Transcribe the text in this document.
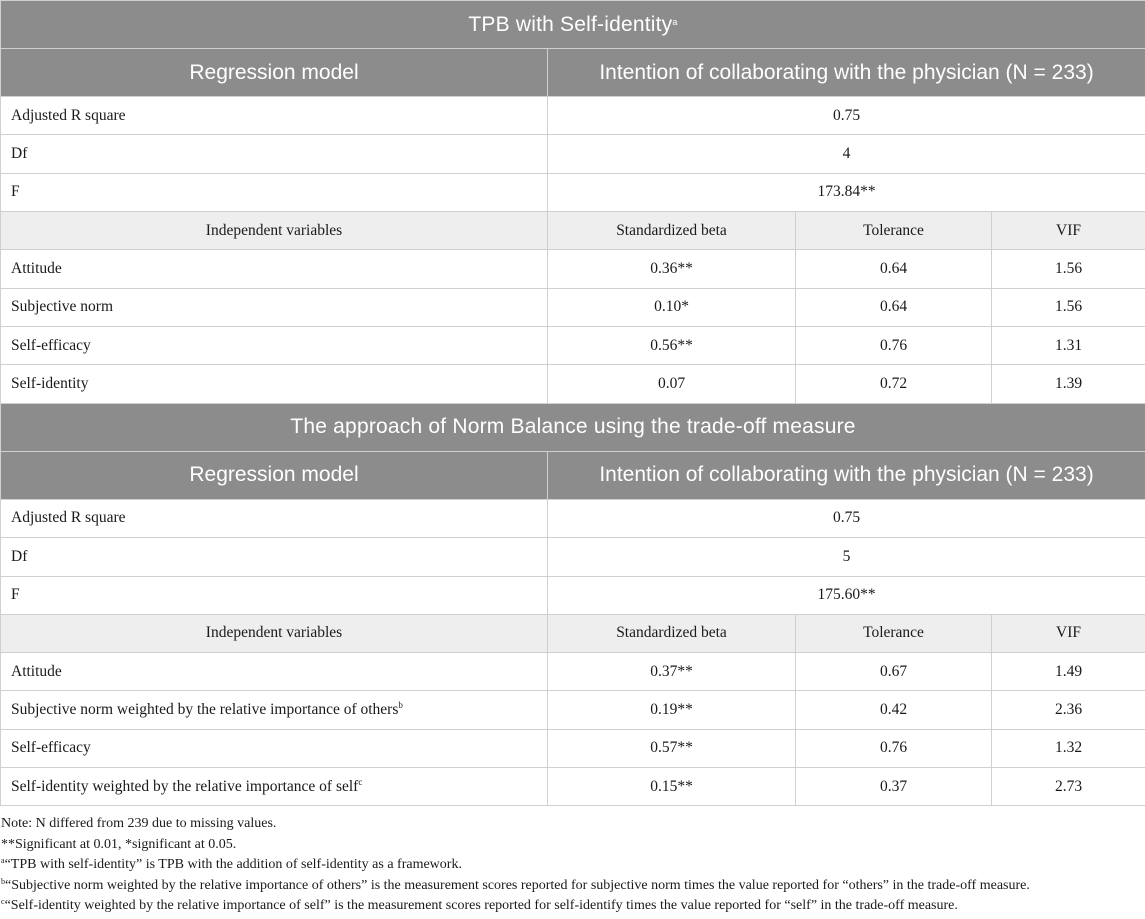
TPB with Self-identity$^a$
Regression model	Intention of collaborating with the physician (N = 233)		
Adjusted R square	0.75		
Df	4		
F	173.84**		
Independent variables	Standardized beta	Tolerance	VIF
Attitude	0.36**	0.64	1.56
Subjective norm	0.10*	0.64	1.56
Self-efficacy	0.56**	0.76	1.31
Self-identity	0.07	0.72	1.39
The approach of Norm Balance using the trade-off measure			
Regression model	Intention of collaborating with the physician (N = 233)		
Adjusted R square	0.75		
Df	5		
F	175.60**		
Independent variables	Standardized beta	Tolerance	VIF
Attitude	0.37**	0.67	1.49
Subjective norm weighted by the relative importance of others$^b$	0.19**	0.42	2.36
Self-efficacy	0.57**	0.76	1.32
Self-identity weighted by the relative importance of self$^c$	0.15**	0.37	2.73
Note: N differed from 239 due to missing values.
**Significant at 0.01, *significant at 0.05.
$^a$“TPB with self-identity” is TPB with the addition of self-identity as a framework.
$^b$“Subjective norm weighted by the relative importance of others” is the measurement scores reported for subjective norm times the value reported for “others” in the trade-off measure.
$^c$“Self-identity weighted by the relative importance of self” is the measurement scores reported for self-identify times the value reported for “self” in the trade-off measure.
